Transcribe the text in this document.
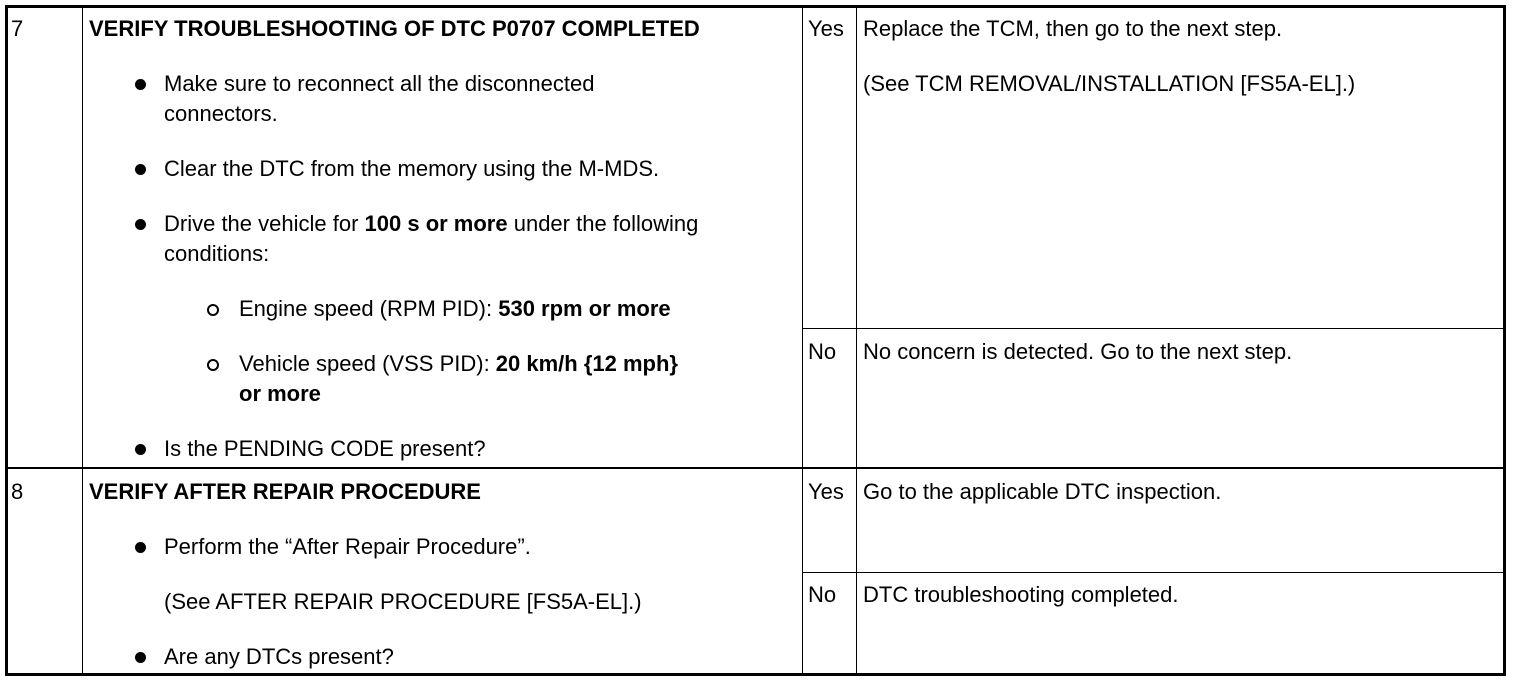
7	VERIFY TROUBLESHOOTING OF DTC P0707 COMPLETED
Make sure to reconnect all the disconnected
connectors.
Clear the DTC from the memory using the M-MDS.
Drive the vehicle for 100 s or more under the following
conditions:
Engine speed (RPM PID): 530 rpm or more
Vehicle speed (VSS PID): 20 km/h {12 mph}
or more
Is the PENDING CODE present?
Yes Replace the TCM, then go to the next step.
(See TCM REMOVAL/INSTALLATION [FS5A-EL].)
No No concern is detected. Go to the next step.
8	VERIFY AFTER REPAIR PROCEDURE
Perform the “After Repair Procedure”.
(See AFTER REPAIR PROCEDURE [FS5A-EL].)
Are any DTCs present?
Yes Go to the applicable DTC inspection.
No DTC troubleshooting completed.
